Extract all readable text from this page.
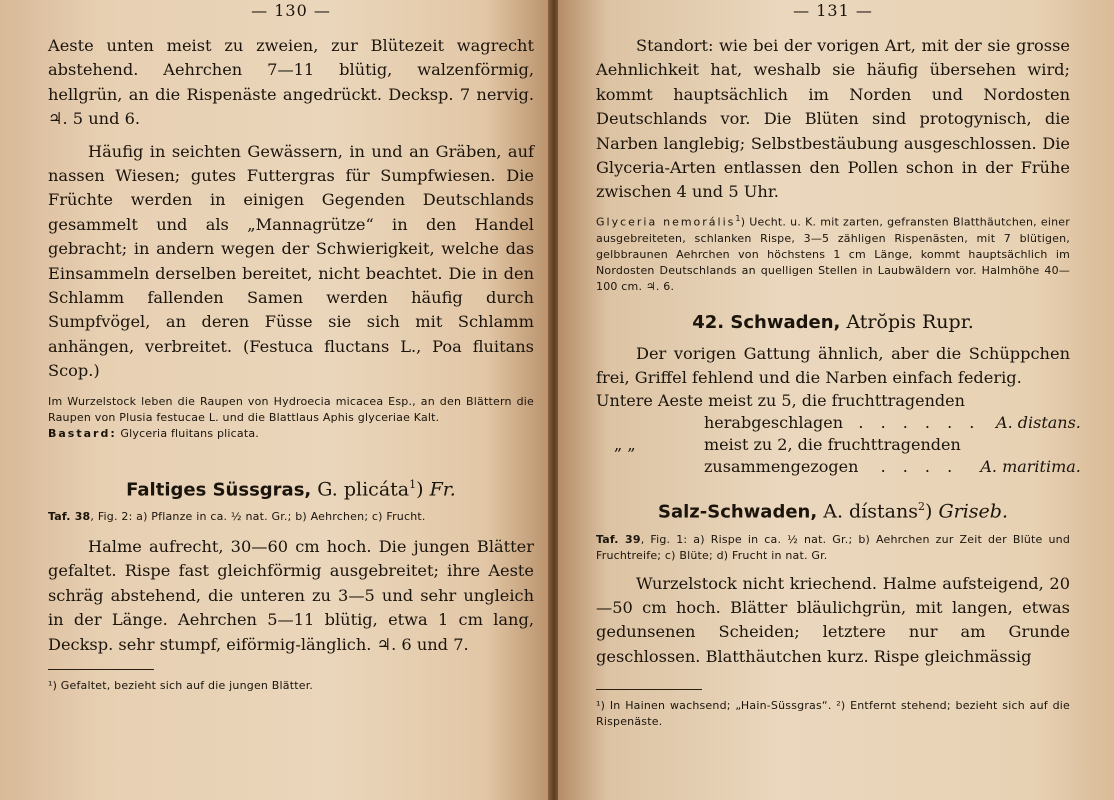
— 130 —

Aeste unten meist zu zweien, zur Blütezeit wagrecht abstehend. Aehrchen 7—11 blütig, walzenförmig, hellgrün, an die Rispenäste angedrückt. Decksp. 7 nervig. ♃. 5 und 6.

Häufig in seichten Gewässern, in und an Gräben, auf nassen Wiesen; gutes Futtergras für Sumpfwiesen. Die Früchte werden in einigen Gegenden Deutschlands gesammelt und als „Mannagrütze“ in den Handel gebracht; in andern wegen der Schwierigkeit, welche das Einsammeln derselben bereitet, nicht beachtet. Die in den Schlamm fallenden Samen werden häufig durch Sumpfvögel, an deren Füsse sie sich mit Schlamm anhängen, verbreitet. (Festuca fluctans L., Poa fluitans Scop.)

Im Wurzelstock leben die Raupen von Hydroecia micacea Esp., an den Blättern die Raupen von Plusia festucae L. und die Blattlaus Aphis glyceriae Kalt.

Bastard: Glyceria fluitans plicata.

Faltiges Süssgras, G. plicáta$^1$) Fr.

Taf. 38, Fig. 2: a) Pflanze in ca. ½ nat. Gr.; b) Aehrchen; c) Frucht.

Halme aufrecht, 30—60 cm hoch. Die jungen Blätter gefaltet. Rispe fast gleichförmig ausgebreitet; ihre Aeste schräg abstehend, die unteren zu 3—5 und sehr ungleich in der Länge. Aehrchen 5—11 blütig, etwa 1 cm lang, Decksp. sehr stumpf, eiförmig-länglich. ♃. 6 und 7.

¹) Gefaltet, bezieht sich auf die jungen Blätter.

— 131 —

Standort: wie bei der vorigen Art, mit der sie grosse Aehnlichkeit hat, weshalb sie häufig übersehen wird; kommt hauptsächlich im Norden und Nordosten Deutschlands vor. Die Blüten sind protogynisch, die Narben langlebig; Selbstbestäubung ausgeschlossen. Die Glyceria-Arten entlassen den Pollen schon in der Frühe zwischen 4 und 5 Uhr.

Glyceria nemorális$^1$) Uecht. u. K. mit zarten, gefransten Blatthäutchen, einer ausgebreiteten, schlanken Rispe, 3—5 zähligen Rispenästen, mit 7 blütigen, gelbbraunen Aehrchen von höchstens 1 cm Länge, kommt hauptsächlich im Nordosten Deutschlands an quelligen Stellen in Laubwäldern vor. Halmhöhe 40—100 cm. ♃. 6.

42. Schwaden, Atrŏpis Rupr.

Der vorigen Gattung ähnlich, aber die Schüppchen frei, Griffel fehlend und die Narben einfach federig.

Untere Aeste meist zu 5, die fruchttragenden		
herabgeschlagen	. . . . . .	A. distans.
„ „ meist zu 2, die fruchttragenden		
zusammengezogen	. . . .	A. maritima.
Salz-Schwaden, A. dístans$^2$) Griseb.

Taf. 39, Fig. 1: a) Rispe in ca. ½ nat. Gr.; b) Aehrchen zur Zeit der Blüte und Fruchtreife; c) Blüte; d) Frucht in nat. Gr.

Wurzelstock nicht kriechend. Halme aufsteigend, 20—50 cm hoch. Blätter bläulichgrün, mit langen, etwas gedunsenen Scheiden; letztere nur am Grunde geschlossen. Blatthäutchen kurz. Rispe gleichmässig

¹) In Hainen wachsend; „Hain-Süssgras“. ²) Entfernt stehend; bezieht sich auf die Rispenäste.
